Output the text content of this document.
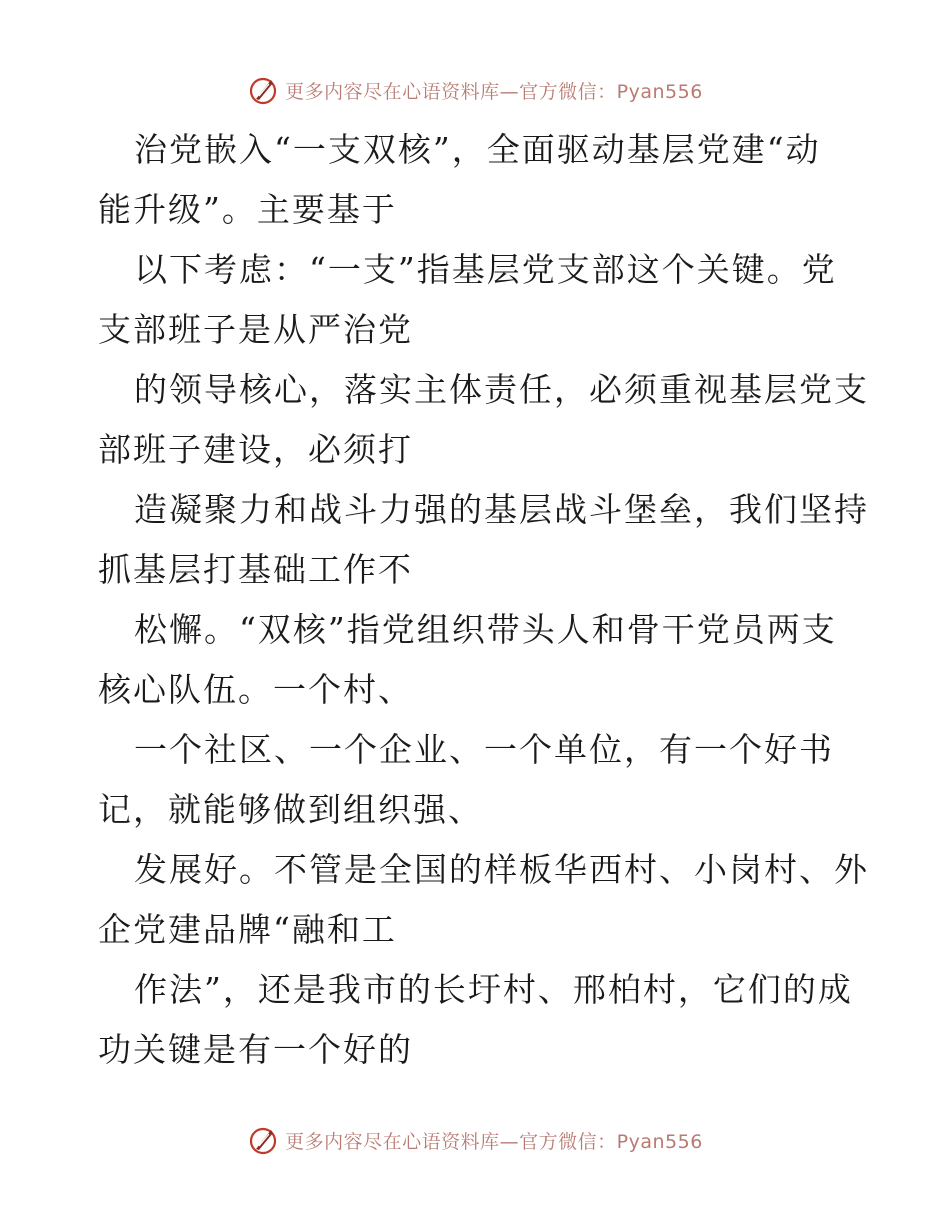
更多内容尽在心语资料库—官方微信：Pyan556

治党嵌入“一支双核”，全面驱动基层党建“动
能升级”。主要基于

以下考虑：“一支”指基层党支部这个关键。党
支部班子是从严治党

的领导核心，落实主体责任，必须重视基层党支
部班子建设，必须打

造凝聚力和战斗力强的基层战斗堡垒，我们坚持
抓基层打基础工作不

松懈。“双核”指党组织带头人和骨干党员两支
核心队伍。一个村、

一个社区、一个企业、一个单位，有一个好书
记，就能够做到组织强、

发展好。不管是全国的样板华西村、小岗村、外
企党建品牌“融和工

作法”，还是我市的长圩村、邢柏村，它们的成
功关键是有一个好的

更多内容尽在心语资料库—官方微信：Pyan556
